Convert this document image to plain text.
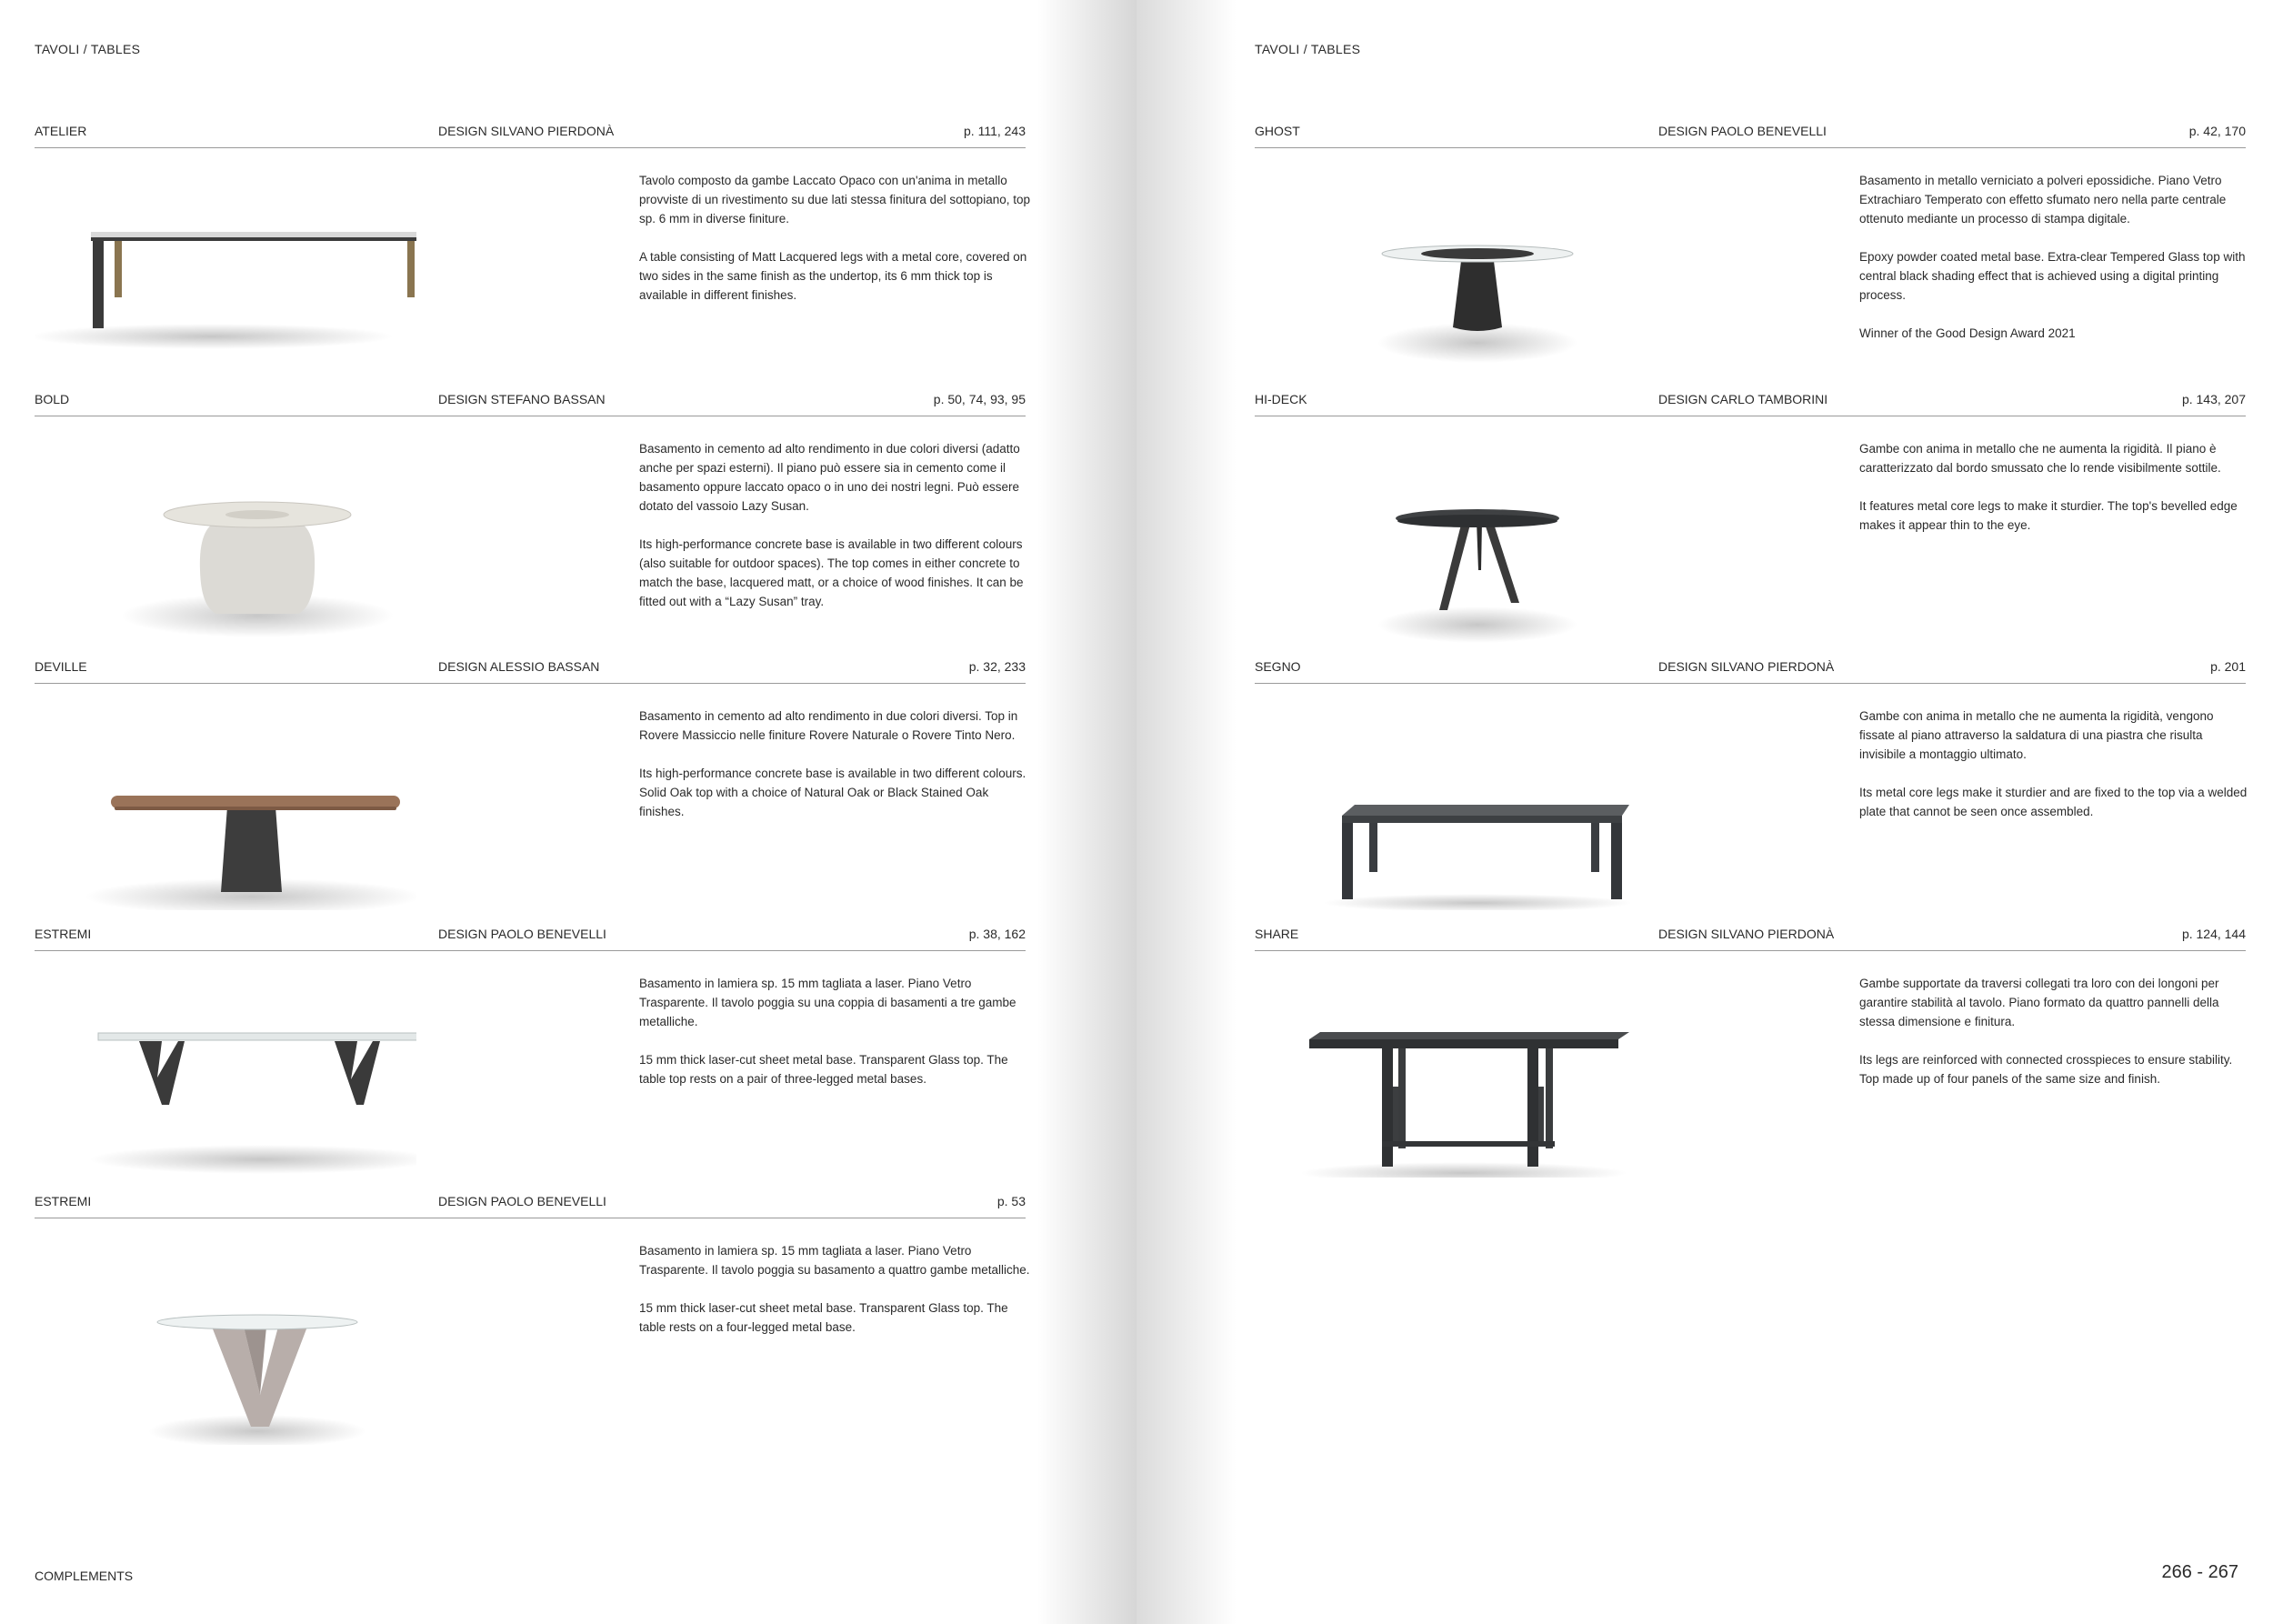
TAVOLI / TABLES
ATELIER	DESIGN SILVANO PIERDONÀ	p. 111, 243

Tavolo composto da gambe Laccato Opaco con un'anima in metallo provviste di un rivestimento su due lati stessa finitura del sottopiano, top sp. 6 mm in diverse finiture.

A table consisting of Matt Lacquered legs with a metal core, covered on two sides in the same finish as the undertop, its 6 mm thick top is available in different finishes.

BOLD	DESIGN STEFANO BASSAN	p. 50, 74, 93, 95

Basamento in cemento ad alto rendimento in due colori diversi (adatto anche per spazi esterni). Il piano può essere sia in cemento come il basamento oppure laccato opaco o in uno dei nostri legni. Può essere dotato del vassoio Lazy Susan.

Its high-performance concrete base is available in two different colours (also suitable for outdoor spaces). The top comes in either concrete to match the base, lacquered matt, or a choice of wood finishes. It can be fitted out with a “Lazy Susan” tray.

DEVILLE	DESIGN ALESSIO BASSAN	p. 32, 233

Basamento in cemento ad alto rendimento in due colori diversi. Top in Rovere Massiccio nelle finiture Rovere Naturale o Rovere Tinto Nero.

Its high-performance concrete base is available in two different colours. Solid Oak top with a choice of Natural Oak or Black Stained Oak finishes.

ESTREMI	DESIGN PAOLO BENEVELLI	p. 38, 162

Basamento in lamiera sp. 15 mm tagliata a laser. Piano Vetro Trasparente. Il tavolo poggia su una coppia di basamenti a tre gambe metalliche.

15 mm thick laser-cut sheet metal base. Transparent Glass top. The table top rests on a pair of three-legged metal bases.

ESTREMI	DESIGN PAOLO BENEVELLI	p. 53

Basamento in lamiera sp. 15 mm tagliata a laser. Piano Vetro Trasparente. Il tavolo poggia su basamento a quattro gambe metalliche.

15 mm thick laser-cut sheet metal base. Transparent Glass top. The table rests on a four-legged metal base.

COMPLEMENTS
TAVOLI / TABLES
GHOST	DESIGN PAOLO BENEVELLI	p. 42, 170

Basamento in metallo verniciato a polveri epossidiche. Piano Vetro Extrachiaro Temperato con effetto sfumato nero nella parte centrale ottenuto mediante un processo di stampa digitale.

Epoxy powder coated metal base. Extra-clear Tempered Glass top with central black shading effect that is achieved using a digital printing process.

Winner of the Good Design Award 2021

HI-DECK	DESIGN CARLO TAMBORINI	p. 143, 207

Gambe con anima in metallo che ne aumenta la rigidità. Il piano è caratterizzato dal bordo smussato che lo rende visibilmente sottile.

It features metal core legs to make it sturdier. The top's bevelled edge makes it appear thin to the eye.

SEGNO	DESIGN SILVANO PIERDONÀ	p. 201

Gambe con anima in metallo che ne aumenta la rigidità, vengono fissate al piano attraverso la saldatura di una piastra che risulta invisibile a montaggio ultimato.

Its metal core legs make it sturdier and are fixed to the top via a welded plate that cannot be seen once assembled.

SHARE	DESIGN SILVANO PIERDONÀ	p. 124, 144

Gambe supportate da traversi collegati tra loro con dei longoni per garantire stabilità al tavolo. Piano formato da quattro pannelli della stessa dimensione e finitura.

Its legs are reinforced with connected crosspieces to ensure stability. Top made up of four panels of the same size and finish.

266 - 267
